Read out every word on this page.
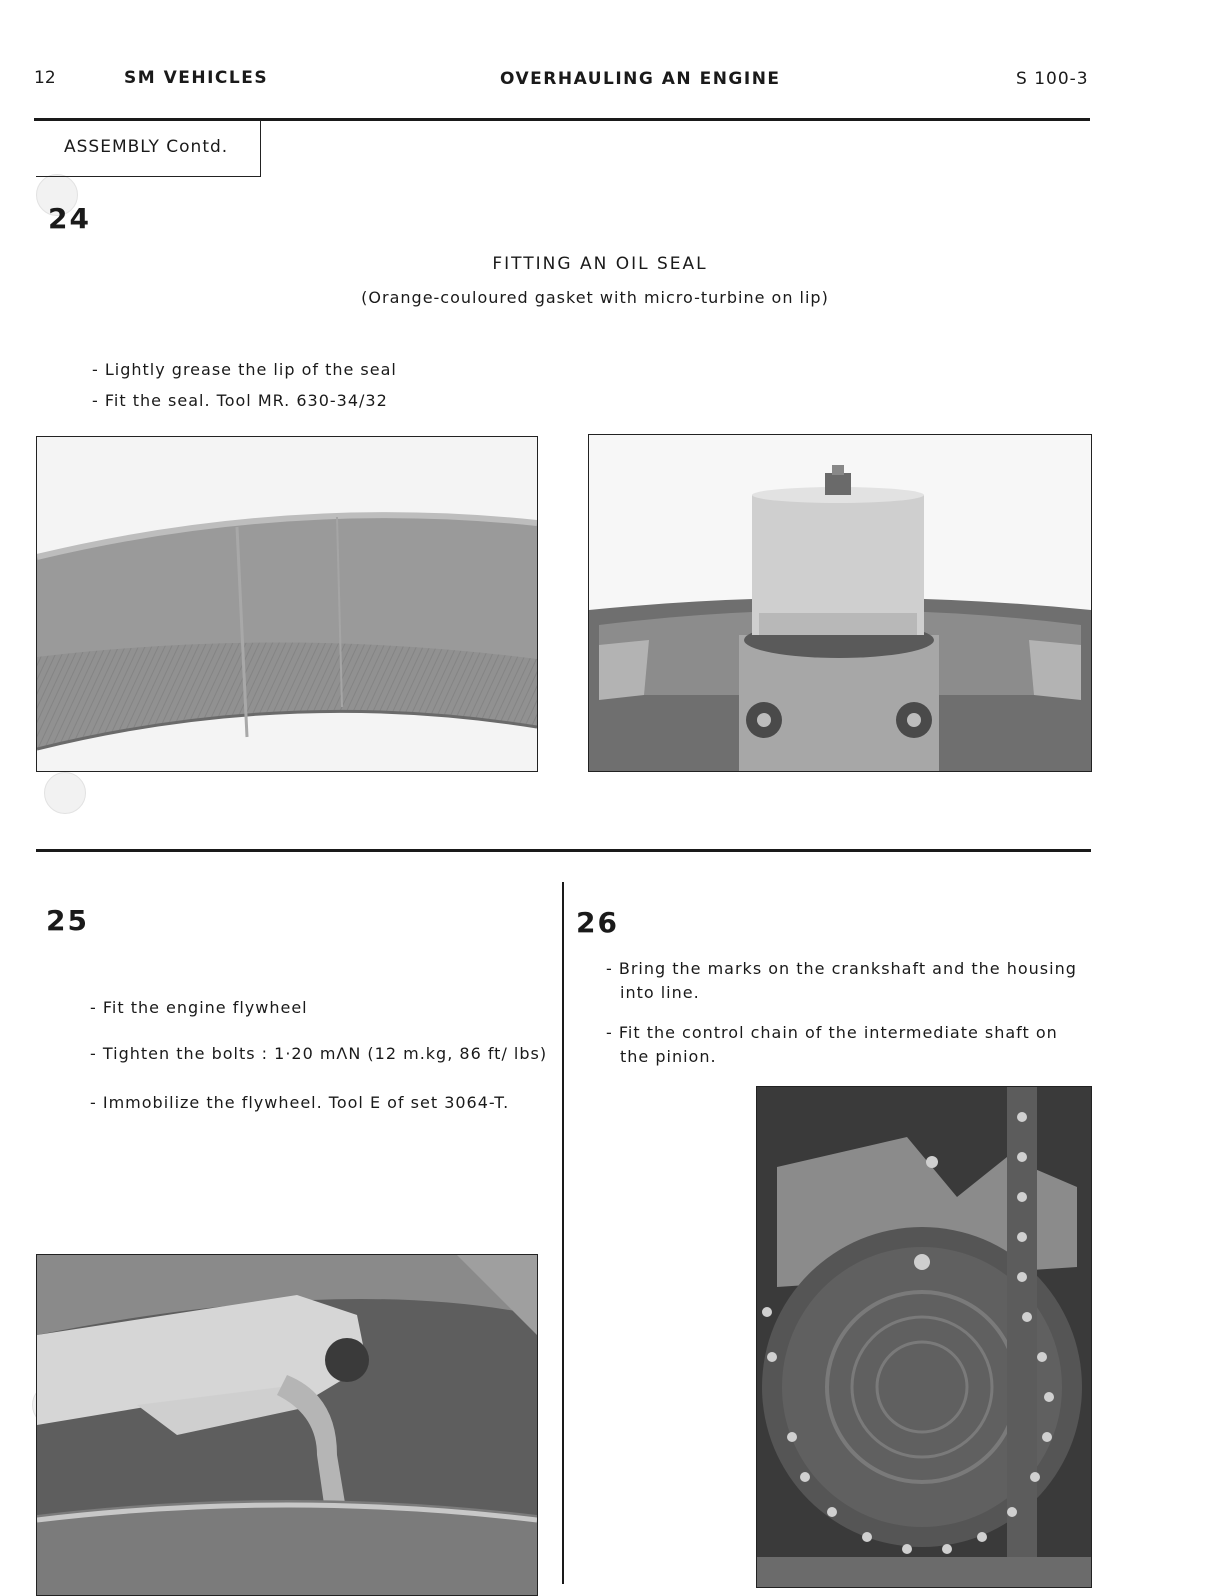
12	SM VEHICLES	OVERHAULING AN ENGINE	S 100-3
ASSEMBLY Contd.
24
FITTING AN OIL SEAL
(Orange-couloured gasket with micro-turbine on lip)
- Lightly grease the lip of the seal
- Fit the seal. Tool MR. 630-34/32
25
- Fit the engine flywheel
- Tighten the bolts : 1·20 mΛN (12 m.kg, 86 ft/ lbs)
- Immobilize the flywheel. Tool E of set 3064-T.
26
- Bring the marks on the crankshaft and the housing into line.
- Fit the control chain of the intermediate shaft on the pinion.
